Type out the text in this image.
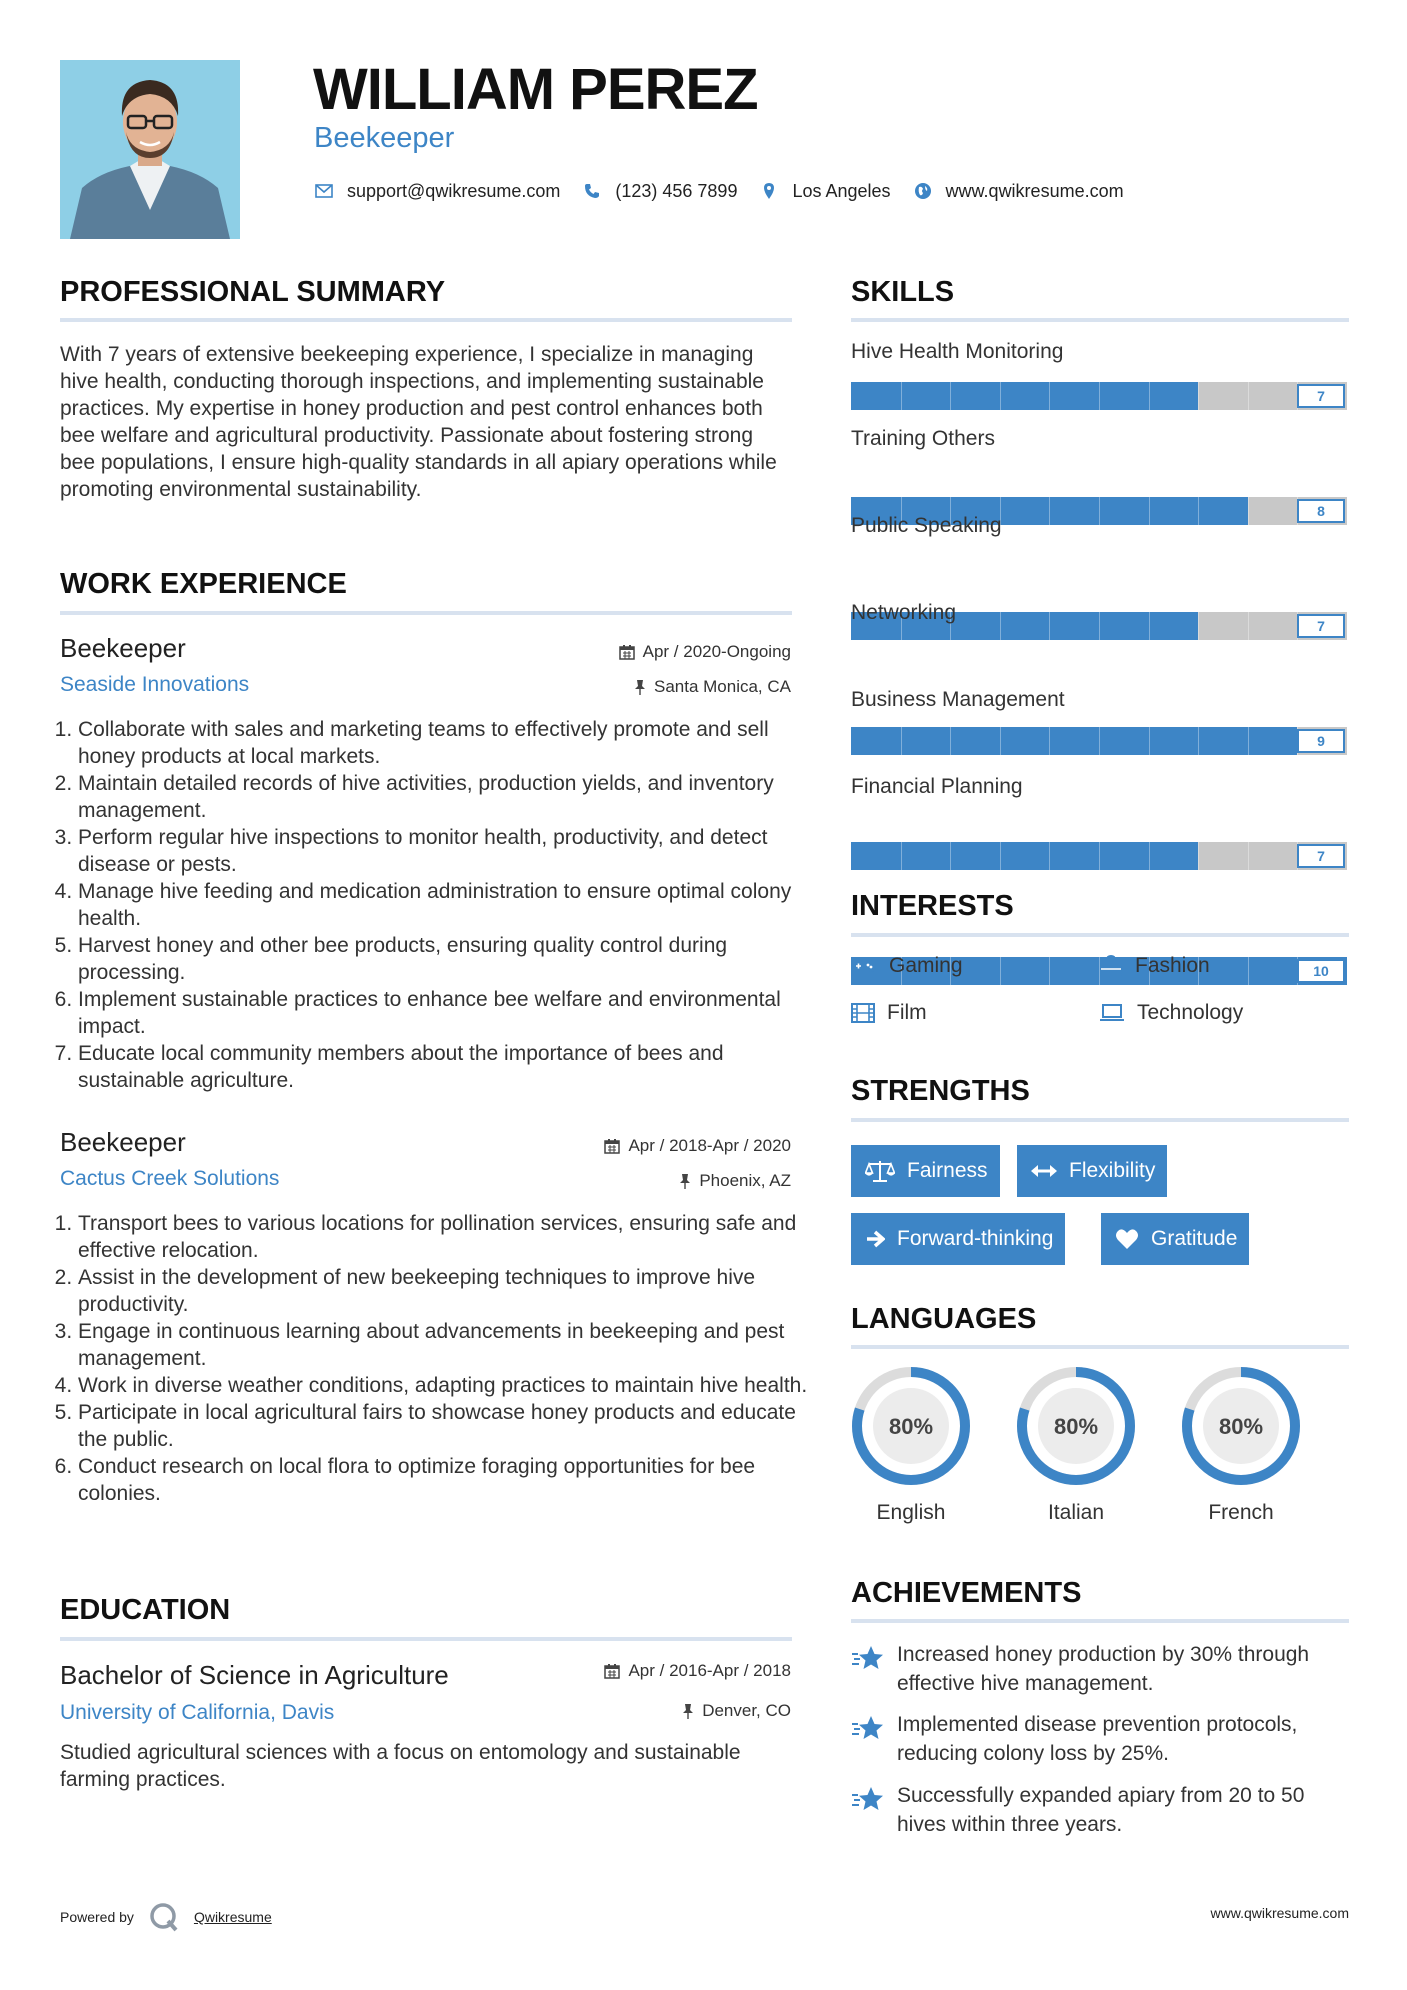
WILLIAM PEREZ
Beekeeper
support@qwikresume.com	(123) 456 7899	Los Angeles	www.qwikresume.com
PROFESSIONAL SUMMARY
With 7 years of extensive beekeeping experience, I specialize in managing hive health, conducting thorough inspections, and implementing sustainable practices. My expertise in honey production and pest control enhances both bee welfare and agricultural productivity. Passionate about fostering strong bee populations, I ensure high-quality standards in all apiary operations while promoting environmental sustainability.
WORK EXPERIENCE
Beekeeper
Seaside Innovations
Apr / 2020-Ongoing
Santa Monica, CA
1. Collaborate with sales and marketing teams to effectively promote and sell honey products at local markets.
2. Maintain detailed records of hive activities, production yields, and inventory management.
3. Perform regular hive inspections to monitor health, productivity, and detect disease or pests.
4. Manage hive feeding and medication administration to ensure optimal colony health.
5. Harvest honey and other bee products, ensuring quality control during processing.
6. Implement sustainable practices to enhance bee welfare and environmental impact.
7. Educate local community members about the importance of bees and sustainable agriculture.
Beekeeper
Cactus Creek Solutions
Apr / 2018-Apr / 2020
Phoenix, AZ
1. Transport bees to various locations for pollination services, ensuring safe and effective relocation.
2. Assist in the development of new beekeeping techniques to improve hive productivity.
3. Engage in continuous learning about advancements in beekeeping and pest management.
4. Work in diverse weather conditions, adapting practices to maintain hive health.
5. Participate in local agricultural fairs to showcase honey products and educate the public.
6. Conduct research on local flora to optimize foraging opportunities for bee colonies.
EDUCATION
Bachelor of Science in Agriculture
University of California, Davis
Apr / 2016-Apr / 2018
Denver, CO
Studied agricultural sciences with a focus on entomology and sustainable farming practices.
SKILLS
Hive Health Monitoring
7
Training Others
8
Public Speaking
7
Networking
9
Business Management
7
Financial Planning
10
INTERESTS
Gaming	Fashion
Film	Technology
STRENGTHS
Fairness	Flexibility
Forward-thinking	Gratitude
LANGUAGES
80%
English
80%
Italian
80%
French
ACHIEVEMENTS
Increased honey production by 30% through effective hive management.
Implemented disease prevention protocols, reducing colony loss by 25%.
Successfully expanded apiary from 20 to 50 hives within three years.
Powered by	Qwikresume	www.qwikresume.com
